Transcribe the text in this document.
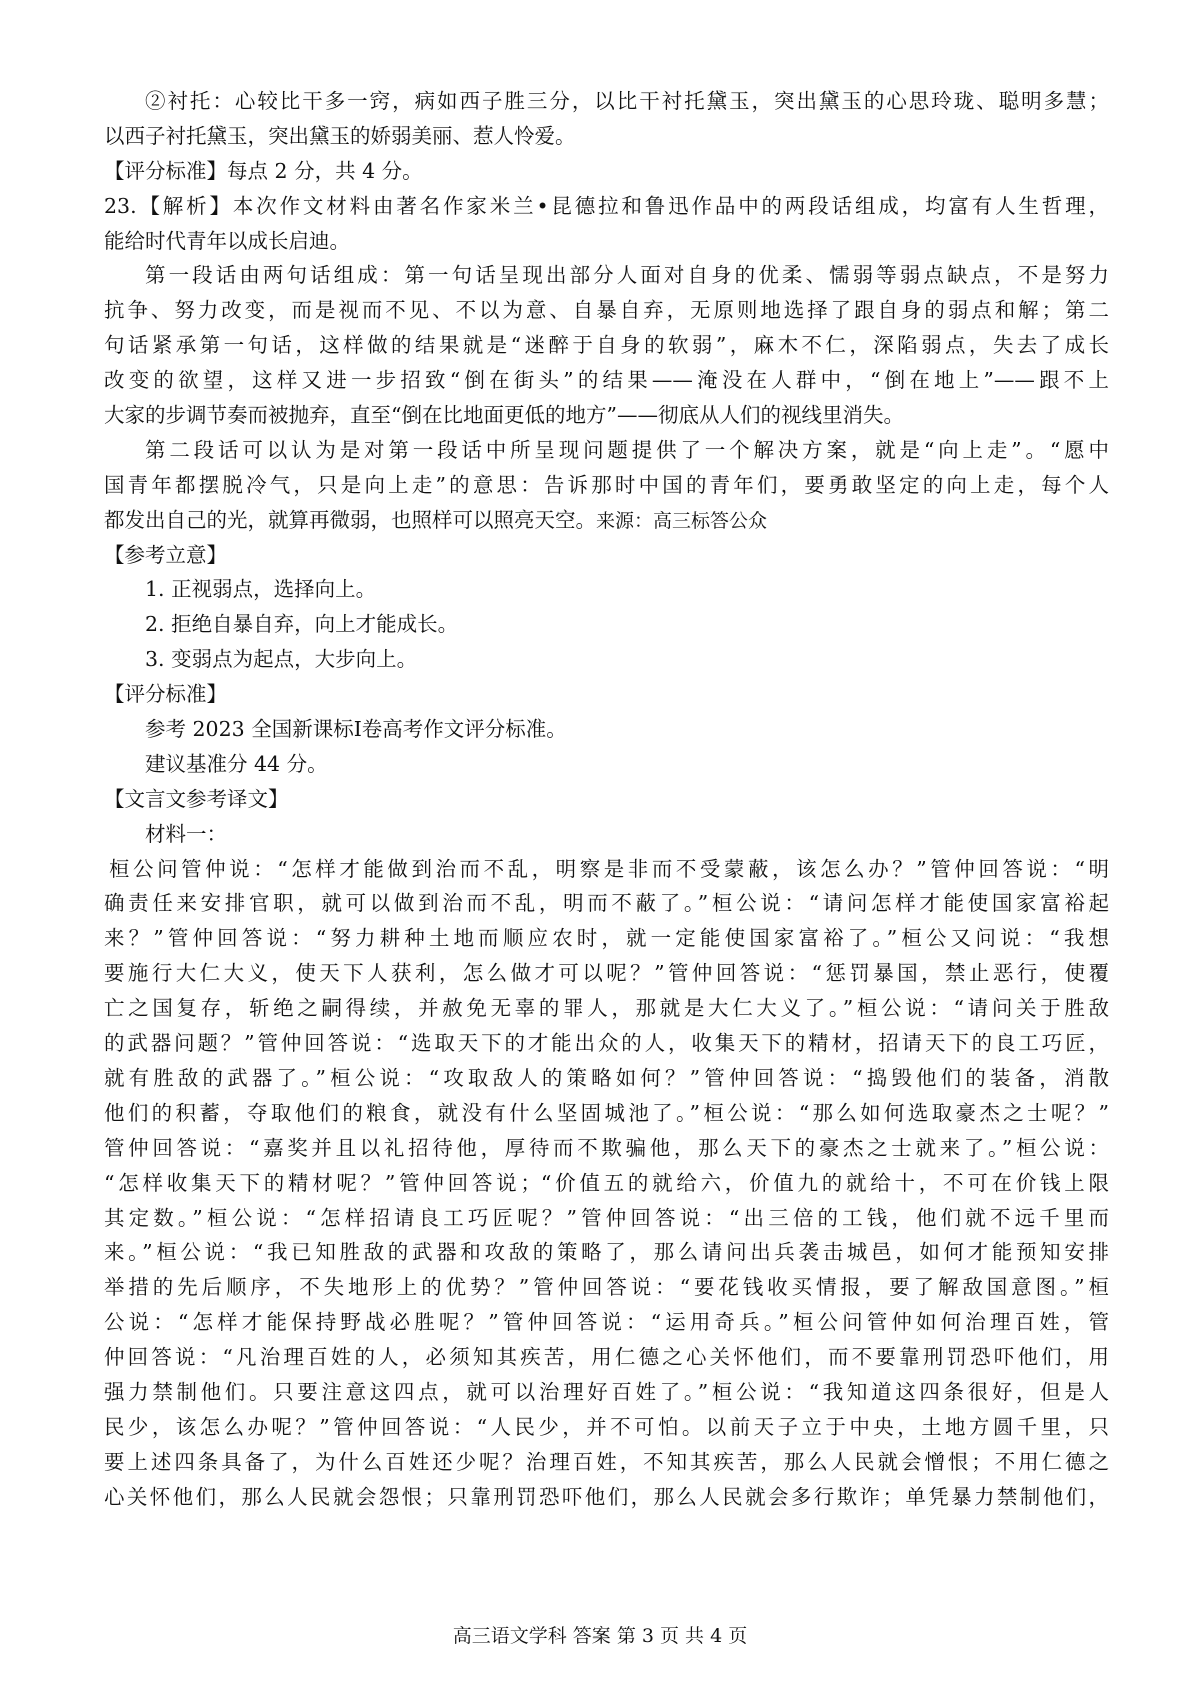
②衬托：心较比干多一窍，病如西子胜三分，以比干衬托黛玉，突出黛玉的心思玲珑、聪明多慧；
以西子衬托黛玉，突出黛玉的娇弱美丽、惹人怜爱。
【评分标准】每点 2 分，共 4 分。
23.【解析】本次作文材料由著名作家米兰•昆德拉和鲁迅作品中的两段话组成，均富有人生哲理，
能给时代青年以成长启迪。
第一段话由两句话组成：第一句话呈现出部分人面对自身的优柔、懦弱等弱点缺点，不是努力
抗争、努力改变，而是视而不见、不以为意、自暴自弃，无原则地选择了跟自身的弱点和解；第二
句话紧承第一句话，这样做的结果就是“迷醉于自身的软弱”，麻木不仁，深陷弱点，失去了成长
改变的欲望，这样又进一步招致“倒在街头”的结果——淹没在人群中，“倒在地上”——跟不上
大家的步调节奏而被抛弃，直至“倒在比地面更低的地方”——彻底从人们的视线里消失。
第二段话可以认为是对第一段话中所呈现问题提供了一个解决方案，就是“向上走”。“愿中
国青年都摆脱冷气，只是向上走”的意思：告诉那时中国的青年们，要勇敢坚定的向上走，每个人
都发出自己的光，就算再微弱，也照样可以照亮天空。来源：高三标答公众
【参考立意】
1. 正视弱点，选择向上。
2. 拒绝自暴自弃，向上才能成长。
3. 变弱点为起点，大步向上。
【评分标准】
参考 2023 全国新课标Ⅰ卷高考作文评分标准。
建议基准分 44 分。
【文言文参考译文】
材料一：
桓公问管仲说：“怎样才能做到治而不乱，明察是非而不受蒙蔽，该怎么办？”管仲回答说：“明
确责任来安排官职，就可以做到治而不乱，明而不蔽了。”桓公说：“请问怎样才能使国家富裕起
来？”管仲回答说：“努力耕种土地而顺应农时，就一定能使国家富裕了。”桓公又问说：“我想
要施行大仁大义，使天下人获利，怎么做才可以呢？”管仲回答说：“惩罚暴国，禁止恶行，使覆
亡之国复存，斩绝之嗣得续，并赦免无辜的罪人，那就是大仁大义了。”桓公说：“请问关于胜敌
的武器问题？”管仲回答说：“选取天下的才能出众的人，收集天下的精材，招请天下的良工巧匠，
就有胜敌的武器了。”桓公说：“攻取敌人的策略如何？”管仲回答说：“捣毁他们的装备，消散
他们的积蓄，夺取他们的粮食，就没有什么坚固城池了。”桓公说：“那么如何选取豪杰之士呢？”
管仲回答说：“嘉奖并且以礼招待他，厚待而不欺骗他，那么天下的豪杰之士就来了。”桓公说：
“怎样收集天下的精材呢？”管仲回答说；“价值五的就给六，价值九的就给十，不可在价钱上限
其定数。”桓公说：“怎样招请良工巧匠呢？”管仲回答说：“出三倍的工钱，他们就不远千里而
来。”桓公说：“我已知胜敌的武器和攻敌的策略了，那么请问出兵袭击城邑，如何才能预知安排
举措的先后顺序，不失地形上的优势？”管仲回答说：“要花钱收买情报，要了解敌国意图。”桓
公说：“怎样才能保持野战必胜呢？”管仲回答说：“运用奇兵。”桓公问管仲如何治理百姓，管
仲回答说：“凡治理百姓的人，必须知其疾苦，用仁德之心关怀他们，而不要靠刑罚恐吓他们，用
强力禁制他们。只要注意这四点，就可以治理好百姓了。”桓公说：“我知道这四条很好，但是人
民少，该怎么办呢？”管仲回答说：“人民少，并不可怕。以前天子立于中央，土地方圆千里，只
要上述四条具备了，为什么百姓还少呢？治理百姓，不知其疾苦，那么人民就会憎恨；不用仁德之
心关怀他们，那么人民就会怨恨；只靠刑罚恐吓他们，那么人民就会多行欺诈；单凭暴力禁制他们，
高三语文学科 答案 第 3 页 共 4 页
